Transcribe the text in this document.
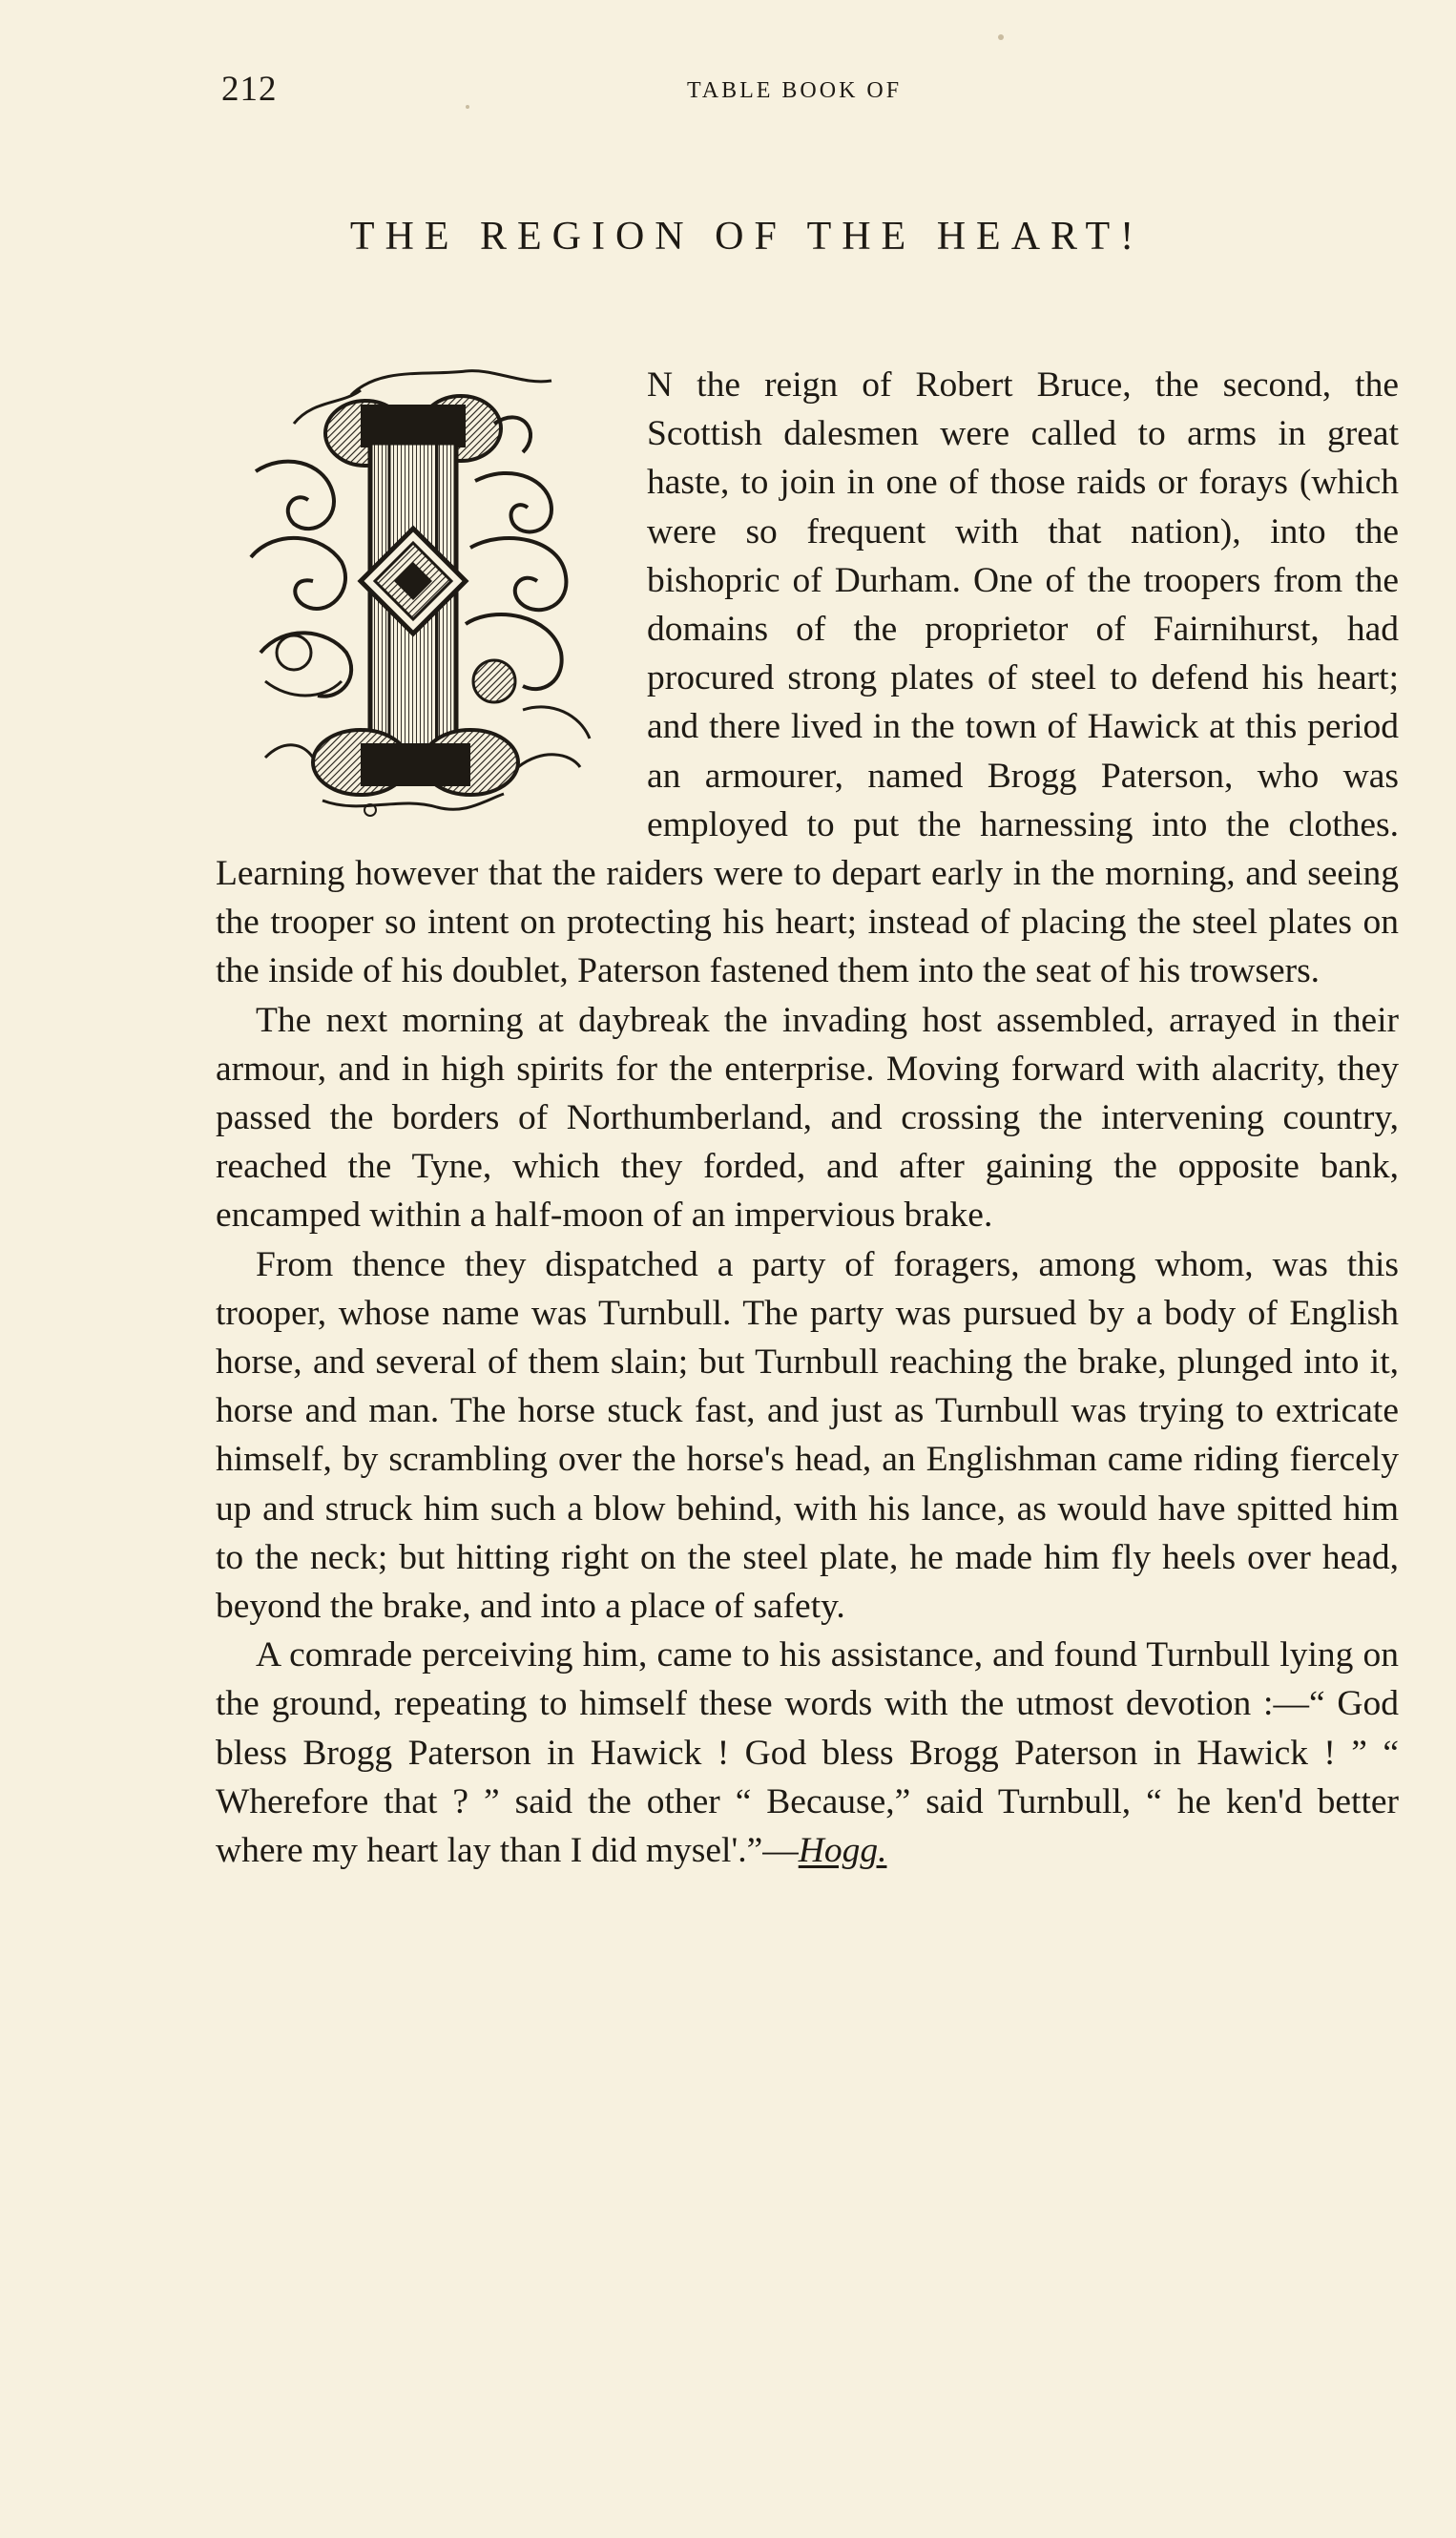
212	TABLE BOOK OF
THE REGION OF THE HEART!

N the reign of Robert Bruce, the second, the Scottish dalesmen were called to arms in great haste, to join in one of those raids or forays (which were so frequent with that nation), into the bishopric of Durham. One of the troopers from the domains of the proprietor of Fairnihurst, had procured strong plates of steel to defend his heart; and there lived in the town of Hawick at this period an armourer, named Brogg Paterson, who was employed to put the harnessing into the clothes. Learning however that the raiders were to depart early in the morning, and seeing the trooper so intent on protecting his heart; instead of placing the steel plates on the inside of his doublet, Paterson fastened them into the seat of his trowsers.

The next morning at daybreak the invading host assembled, arrayed in their armour, and in high spirits for the enterprise. Moving forward with alacrity, they passed the borders of Northumberland, and crossing the intervening country, reached the Tyne, which they forded, and after gaining the opposite bank, encamped within a half-moon of an impervious brake.

From thence they dispatched a party of foragers, among whom, was this trooper, whose name was Turnbull. The party was pursued by a body of English horse, and several of them slain; but Turnbull reaching the brake, plunged into it, horse and man. The horse stuck fast, and just as Turnbull was trying to extricate himself, by scrambling over the horse's head, an Englishman came riding fiercely up and struck him such a blow behind, with his lance, as would have spitted him to the neck; but hitting right on the steel plate, he made him fly heels over head, beyond the brake, and into a place of safety.

A comrade perceiving him, came to his assistance, and found Turnbull lying on the ground, repeating to himself these words with the utmost devotion :—“ God bless Brogg Paterson in Hawick ! God bless Brogg Paterson in Hawick ! ” “ Wherefore that ? ” said the other “ Because,” said Turnbull, “ he ken'd better where my heart lay than I did mysel'.”—Hogg.
